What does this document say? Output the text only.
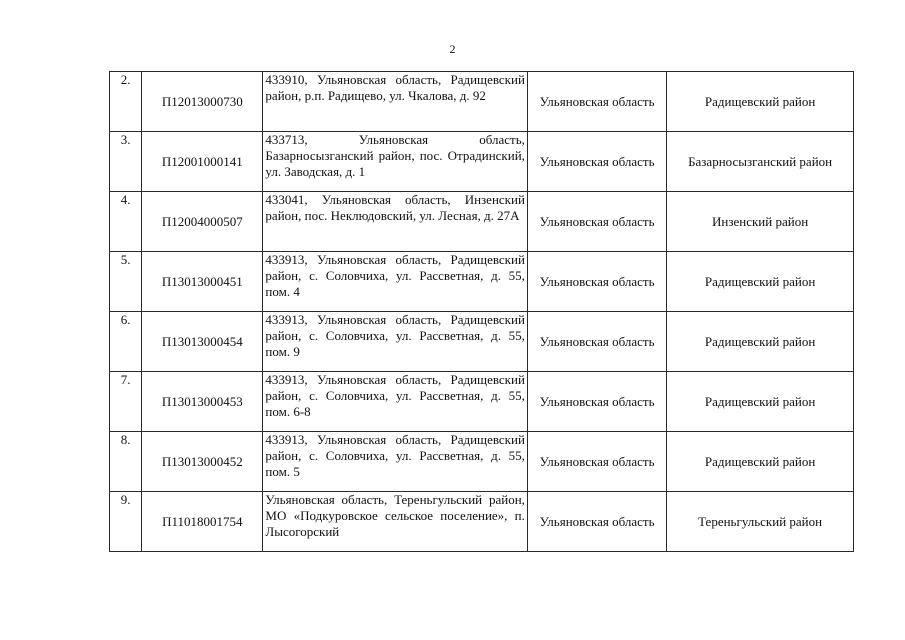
2
2.	П12013000730	433910, Ульяновская область, Радищевский район, р.п. Радищево, ул. Чкалова, д. 92	Ульяновская область	Радищевский район
3.	П12001000141	433713, Ульяновская область, Базарносызганский район, пос. Отрадинский, ул. Заводская, д. 1	Ульяновская область	Базарносызганский район
4.	П12004000507	433041, Ульяновская область, Инзенский район, пос. Неклюдовский, ул. Лесная, д. 27А	Ульяновская область	Инзенский район
5.	П13013000451	433913, Ульяновская область, Радищевский район, с. Соловчиха, ул. Рассветная, д. 55, пом. 4	Ульяновская область	Радищевский район
6.	П13013000454	433913, Ульяновская область, Радищевский район, с. Соловчиха, ул. Рассветная, д. 55, пом. 9	Ульяновская область	Радищевский район
7.	П13013000453	433913, Ульяновская область, Радищевский район, с. Соловчиха, ул. Рассветная, д. 55, пом. 6-8	Ульяновская область	Радищевский район
8.	П13013000452	433913, Ульяновская область, Радищевский район, с. Соловчиха, ул. Рассветная, д. 55, пом. 5	Ульяновская область	Радищевский район
9.	П11018001754	Ульяновская область, Тереньгульский район, МО «Подкуровское сельское поселение», п. Лысогорский	Ульяновская область	Тереньгульский район
